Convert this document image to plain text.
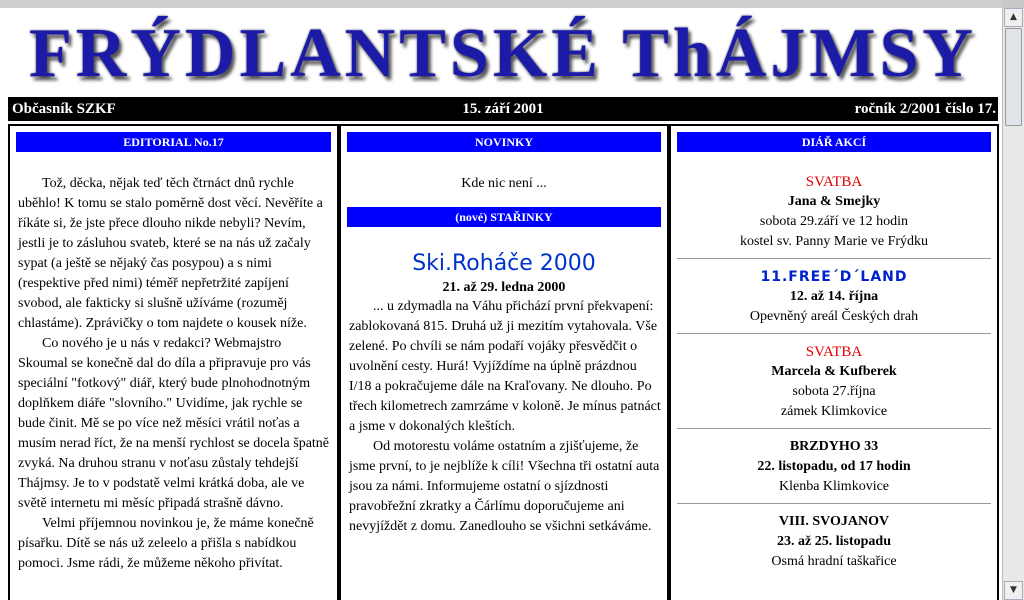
FRÝDLANTSKÉ ThÁJMSY
15. září 2001
Občasník SZKF	ročník 2/2001 číslo 17.
EDITORIAL No.17

Tož, děcka, nějak teď těch čtrnáct dnů rychle uběhlo! K tomu se stalo poměrně dost věcí. Nevěříte a říkáte si, že jste přece dlouho nikde nebyli? Nevím, jestli je to zásluhou svateb, které se na nás už začaly sypat (a ještě se nějaký čas posypou) a s nimi (respektive před nimi) téměř nepřetržité zapíjení svobod, ale fakticky si slušně užíváme (rozuměj chlastáme). Zprávičky o tom najdete o kousek níže.

Co nového je u nás v redakci? Webmajstro Skoumal se konečně dal do díla a připravuje pro vás speciální "fotkový" diář, který bude plnohodnotným doplňkem diáře "slovního." Uvidíme, jak rychle se bude činit. Mě se po více než měsíci vrátil noťas a musím nerad říct, že na menší rychlost se docela špatně zvyká. Na druhou stranu v noťasu zůstaly tehdejší Thájmsy. Je to v podstatě velmi krátká doba, ale ve světě internetu mi měsíc připadá strašně dávno.

Velmi příjemnou novinkou je, že máme konečně písařku. Dítě se nás už zeleelo a přišla s nabídkou pomoci. Jsme rádi, že můžeme někoho přivítat.

NOVINKY
Kde nic není ...
(nové) STAŘINKY
Ski.Roháče 2000
21. až 29. ledna 2000

... u zdymadla na Váhu přichází první překvapení: zablokovaná 815. Druhá už ji mezitím vytahovala. Vše zelené. Po chvíli se nám podaří vojáky přesvědčit o uvolnění cesty. Hurá! Vyjíždíme na úplně prázdnou I/18 a pokračujeme dále na Kraľovany. Ne dlouho. Po třech kilometrech zamrzáme v koloně. Je mínus patnáct a jsme v dokonalých kleštích.

Od motorestu voláme ostatním a zjišťujeme, že jsme první, to je nejblíže k cíli! Všechna tři ostatní auta jsou za námi. Informujeme ostatní o sjízdnosti pravobřežní zkratky a Čárlímu doporučujeme ani nevyjíždět z domu. Zanedlouho se všichni setkáváme.

DIÁŘ AKCÍ
SVATBA
Jana & Smejky
sobota 29.září ve 12 hodin
kostel sv. Panny Marie ve Frýdku
11.FREE´D´LAND
12. až 14. října
Opevněný areál Českých drah
SVATBA
Marcela & Kufberek
sobota 27.října
zámek Klimkovice
BRZDYHO 33
22. listopadu, od 17 hodin
Klenba Klimkovice
VIII. SVOJANOV
23. až 25. listopadu
Osmá hradní taškařice
▲
▼
